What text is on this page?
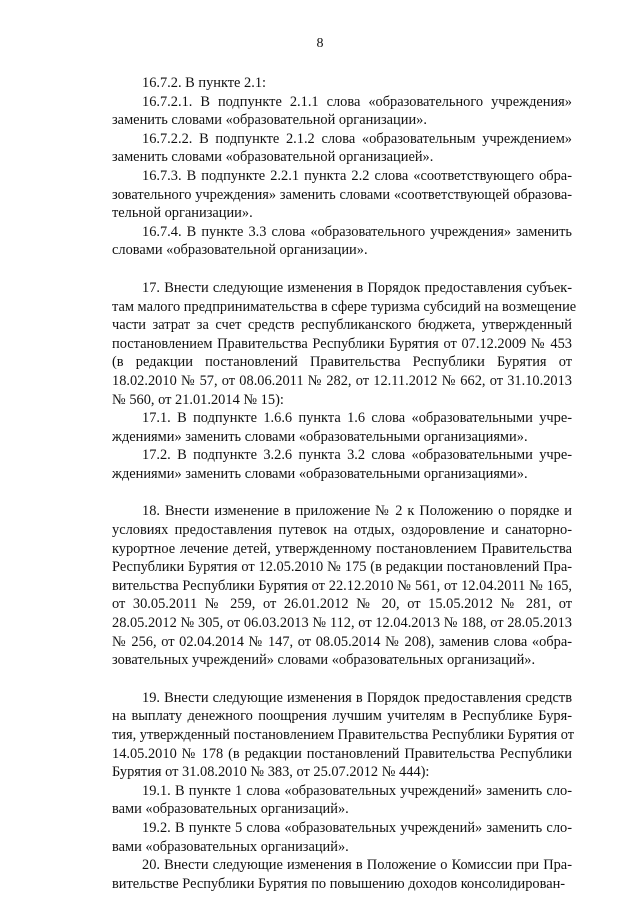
8
16.7.2. В пункте 2.1:
16.7.2.1. В подпункте 2.1.1 слова «образовательного учреждения»
заменить словами «образовательной организации».
16.7.2.2. В подпункте 2.1.2 слова «образовательным учреждением»
заменить словами «образовательной организацией».
16.7.3. В подпункте 2.2.1 пункта 2.2 слова «соответствующего обра-
зовательного учреждения» заменить словами «соответствующей образова-
тельной организации».
16.7.4. В пункте 3.3 слова «образовательного учреждения» заменить
словами «образовательной организации».
17. Внести следующие изменения в Порядок предоставления субъек-
там малого предпринимательства в сфере туризма субсидий на возмещение
части затрат за счет средств республиканского бюджета, утвержденный
постановлением Правительства Республики Бурятия от 07.12.2009 № 453
(в редакции постановлений Правительства Республики Бурятия от
18.02.2010 № 57, от 08.06.2011 № 282, от 12.11.2012 № 662, от 31.10.2013
№ 560, от 21.01.2014 № 15):
17.1. В подпункте 1.6.6 пункта 1.6 слова «образовательными учре-
ждениями» заменить словами «образовательными организациями».
17.2. В подпункте 3.2.6 пункта 3.2 слова «образовательными учре-
ждениями» заменить словами «образовательными организациями».
18. Внести изменение в приложение № 2 к Положению о порядке и
условиях предоставления путевок на отдых, оздоровление и санаторно-
курортное лечение детей, утвержденному постановлением Правительства
Республики Бурятия от 12.05.2010 № 175 (в редакции постановлений Пра-
вительства Республики Бурятия от 22.12.2010 № 561, от 12.04.2011 № 165,
от 30.05.2011 № 259, от 26.01.2012 № 20, от 15.05.2012 № 281, от
28.05.2012 № 305, от 06.03.2013 № 112, от 12.04.2013 № 188, от 28.05.2013
№ 256, от 02.04.2014 № 147, от 08.05.2014 № 208), заменив слова «обра-
зовательных учреждений» словами «образовательных организаций».
19. Внести следующие изменения в Порядок предоставления средств
на выплату денежного поощрения лучшим учителям в Республике Буря-
тия, утвержденный постановлением Правительства Республики Бурятия от
14.05.2010 № 178 (в редакции постановлений Правительства Республики
Бурятия от 31.08.2010 № 383, от 25.07.2012 № 444):
19.1. В пункте 1 слова «образовательных учреждений» заменить сло-
вами «образовательных организаций».
19.2. В пункте 5 слова «образовательных учреждений» заменить сло-
вами «образовательных организаций».
20. Внести следующие изменения в Положение о Комиссии при Пра-
вительстве Республики Бурятия по повышению доходов консолидирован-
